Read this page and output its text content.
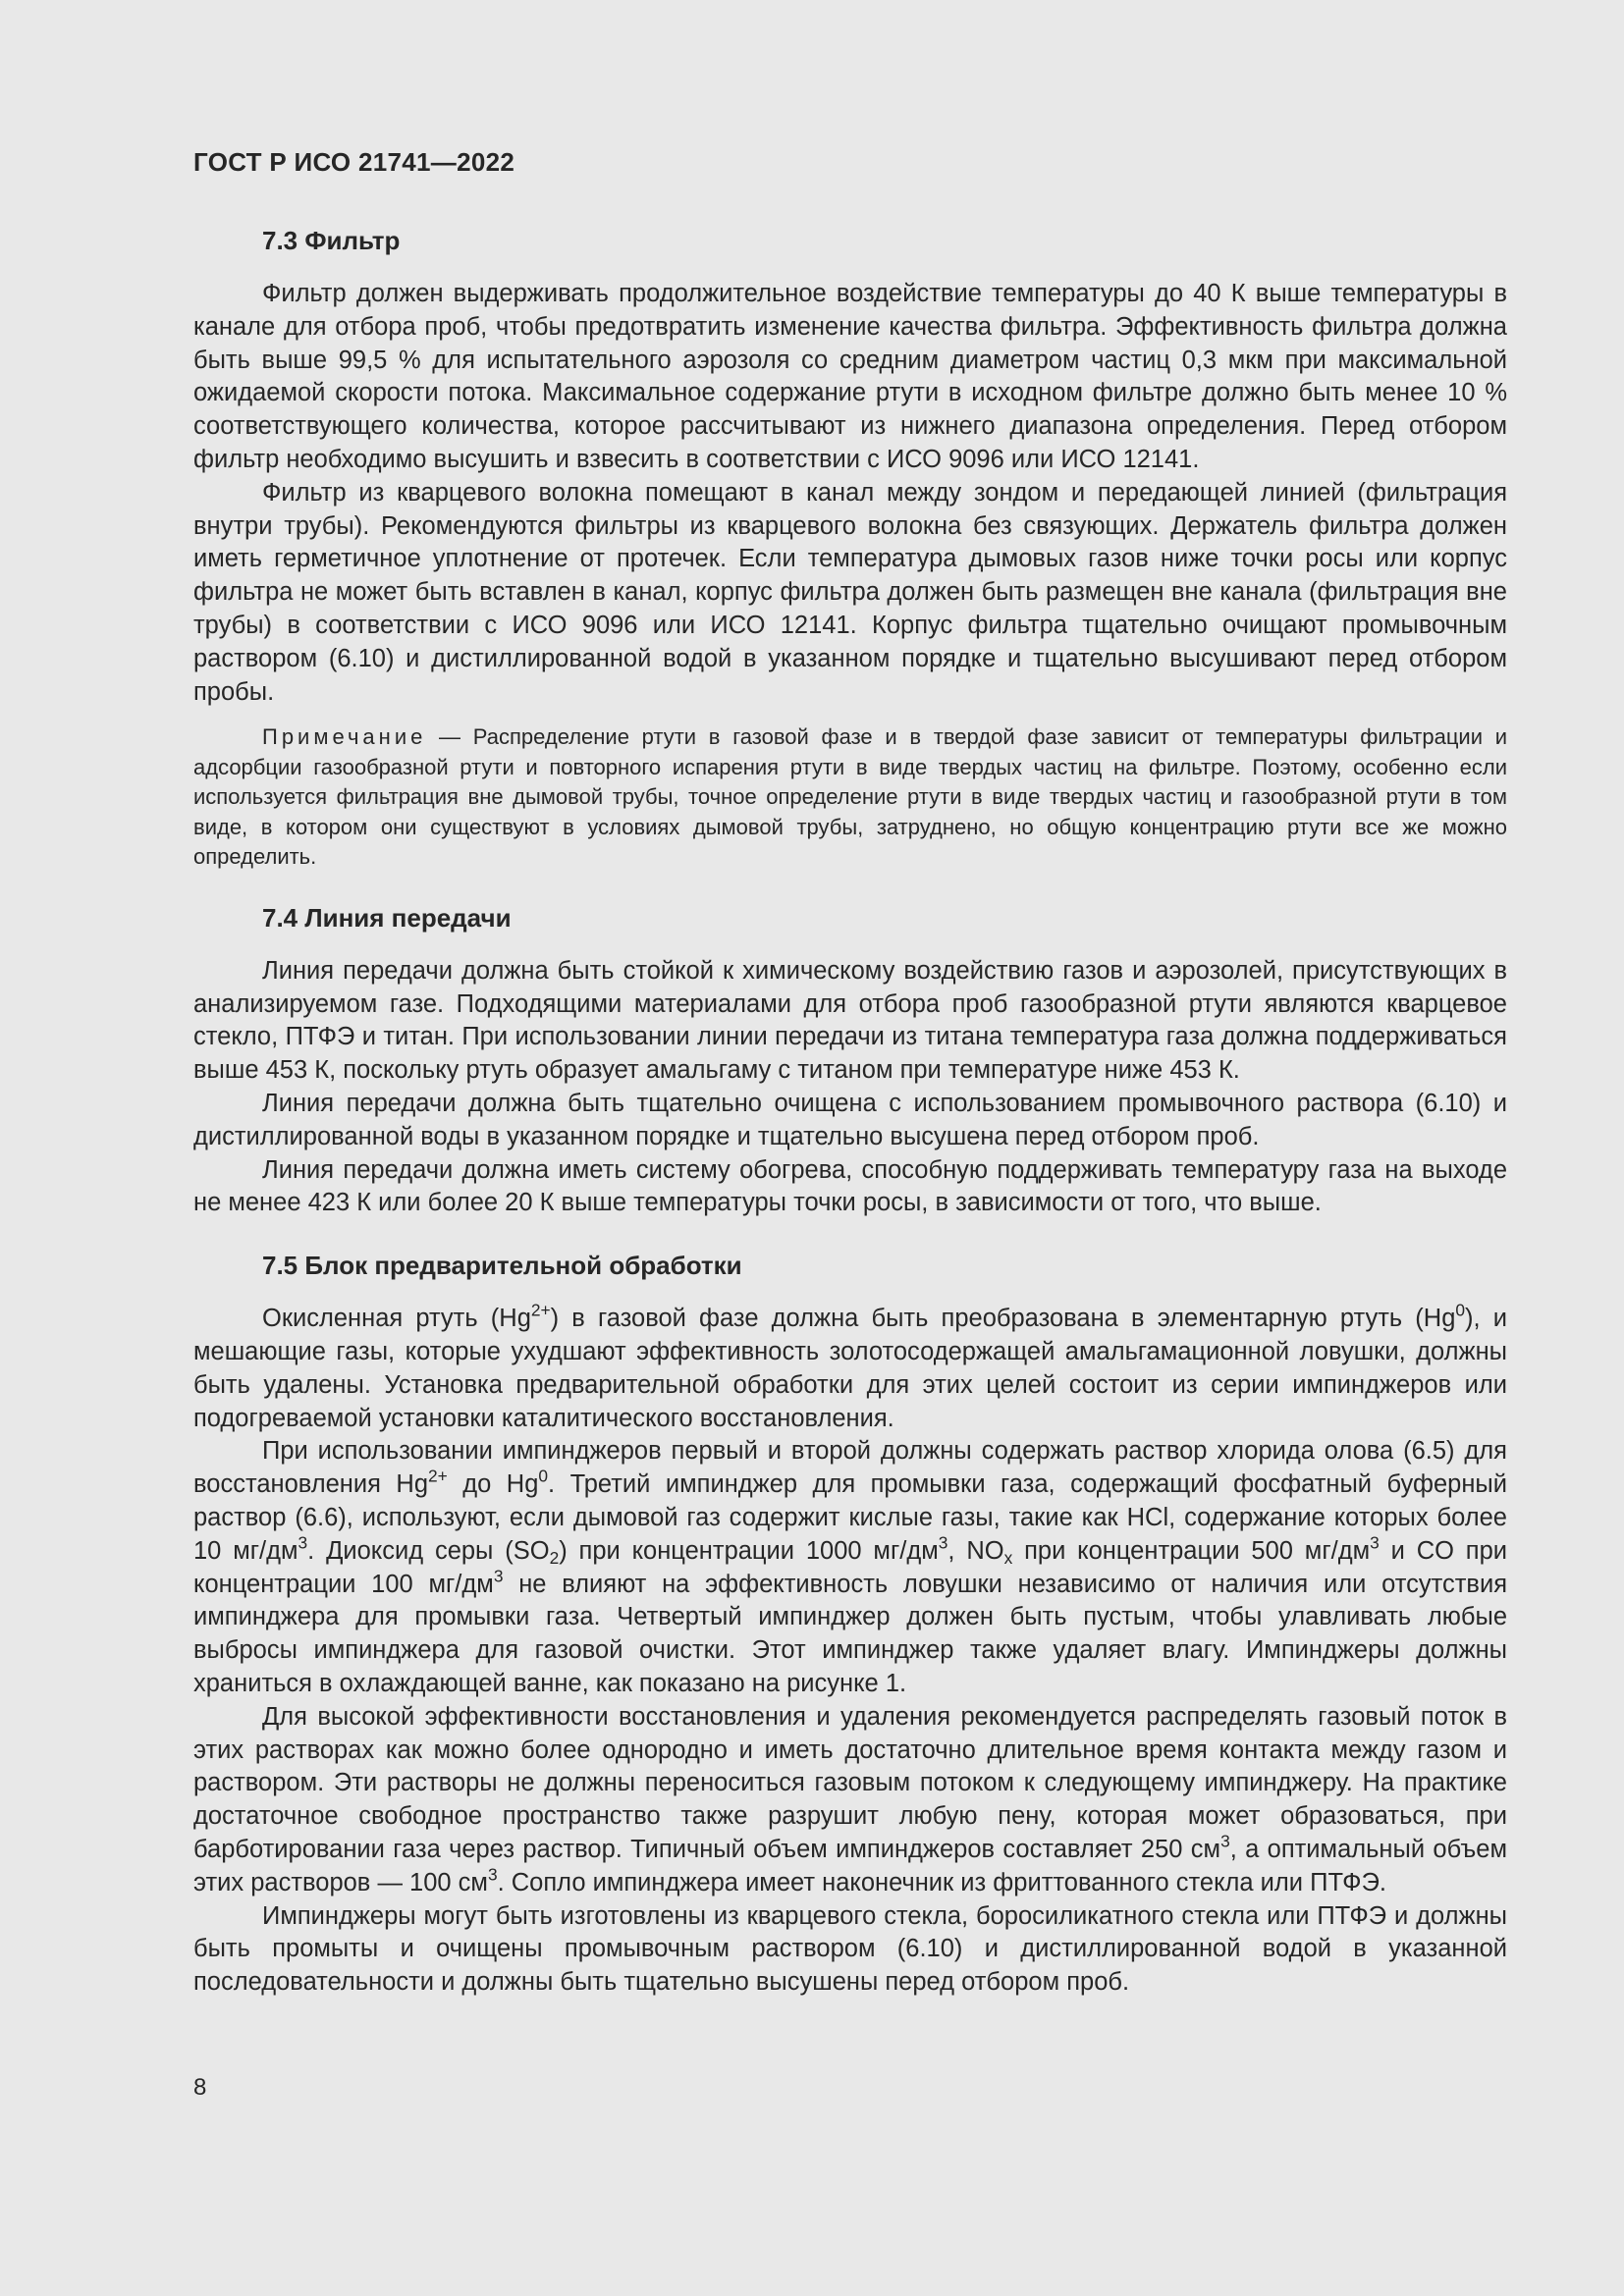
ГОСТ Р ИСО 21741—2022
7.3 Фильтр

Фильтр должен выдерживать продолжительное воздействие температуры до 40 К выше температуры в канале для отбора проб, чтобы предотвратить изменение качества фильтра. Эффективность фильтра должна быть выше 99,5 % для испытательного аэрозоля со средним диаметром частиц 0,3 мкм при максимальной ожидаемой скорости потока. Максимальное содержание ртути в исходном фильтре должно быть менее 10 % соответствующего количества, которое рассчитывают из нижнего диапазона определения. Перед отбором фильтр необходимо высушить и взвесить в соответствии с ИСО 9096 или ИСО 12141.

Фильтр из кварцевого волокна помещают в канал между зондом и передающей линией (фильтрация внутри трубы). Рекомендуются фильтры из кварцевого волокна без связующих. Держатель фильтра должен иметь герметичное уплотнение от протечек. Если температура дымовых газов ниже точки росы или корпус фильтра не может быть вставлен в канал, корпус фильтра должен быть размещен вне канала (фильтрация вне трубы) в соответствии с ИСО 9096 или ИСО 12141. Корпус фильтра тщательно очищают промывочным раствором (6.10) и дистиллированной водой в указанном порядке и тщательно высушивают перед отбором пробы.

Примечание — Распределение ртути в газовой фазе и в твердой фазе зависит от температуры фильтрации и адсорбции газообразной ртути и повторного испарения ртути в виде твердых частиц на фильтре. Поэтому, особенно если используется фильтрация вне дымовой трубы, точное определение ртути в виде твердых частиц и газообразной ртути в том виде, в котором они существуют в условиях дымовой трубы, затруднено, но общую концентрацию ртути все же можно определить.

7.4 Линия передачи

Линия передачи должна быть стойкой к химическому воздействию газов и аэрозолей, присутствующих в анализируемом газе. Подходящими материалами для отбора проб газообразной ртути являются кварцевое стекло, ПТФЭ и титан. При использовании линии передачи из титана температура газа должна поддерживаться выше 453 К, поскольку ртуть образует амальгаму с титаном при температуре ниже 453 К.

Линия передачи должна быть тщательно очищена с использованием промывочного раствора (6.10) и дистиллированной воды в указанном порядке и тщательно высушена перед отбором проб.

Линия передачи должна иметь систему обогрева, способную поддерживать температуру газа на выходе не менее 423 К или более 20 К выше температуры точки росы, в зависимости от того, что выше.

7.5 Блок предварительной обработки

Окисленная ртуть $(Hg^{2+})$ в газовой фазе должна быть преобразована в элементарную ртуть (Hg$^0$), и мешающие газы, которые ухудшают эффективность золотосодержащей амальгамационной ловушки, должны быть удалены. Установка предварительной обработки для этих целей состоит из серии импинджеров или подогреваемой установки каталитического восстановления.

При использовании импинджеров первый и второй должны содержать раствор хлорида олова (6.5) для восстановления $Hg^{2+}$ до Hg$^0$. Третий импинджер для промывки газа, содержащий фосфатный буферный раствор (6.6), используют, если дымовой газ содержит кислые газы, такие как HCl, содержание которых более 10 $мг/дм^3$. Диоксид серы $(SO_2)$ при концентрации 1000 $мг/дм^3$, $NO_x$ при концентрации 500 $мг/дм^3$ и CO при концентрации 100 $мг/дм^3$ не влияют на эффективность ловушки независимо от наличия или отсутствия импинджера для промывки газа. Четвертый импинджер должен быть пустым, чтобы улавливать любые выбросы импинджера для газовой очистки. Этот импинджер также удаляет влагу. Импинджеры должны храниться в охлаждающей ванне, как показано на рисунке 1.

Для высокой эффективности восстановления и удаления рекомендуется распределять газовый поток в этих растворах как можно более однородно и иметь достаточно длительное время контакта между газом и раствором. Эти растворы не должны переноситься газовым потоком к следующему импинджеру. На практике достаточное свободное пространство также разрушит любую пену, которая может образоваться, при барботировании газа через раствор. Типичный объем импинджеров составляет 250 $см^3$, а оптимальный объем этих растворов — 100 $см^3$. Сопло импинджера имеет наконечник из фриттованного стекла или ПТФЭ.

Импинджеры могут быть изготовлены из кварцевого стекла, боросиликатного стекла или ПТФЭ и должны быть промыты и очищены промывочным раствором (6.10) и дистиллированной водой в указанной последовательности и должны быть тщательно высушены перед отбором проб.

8
